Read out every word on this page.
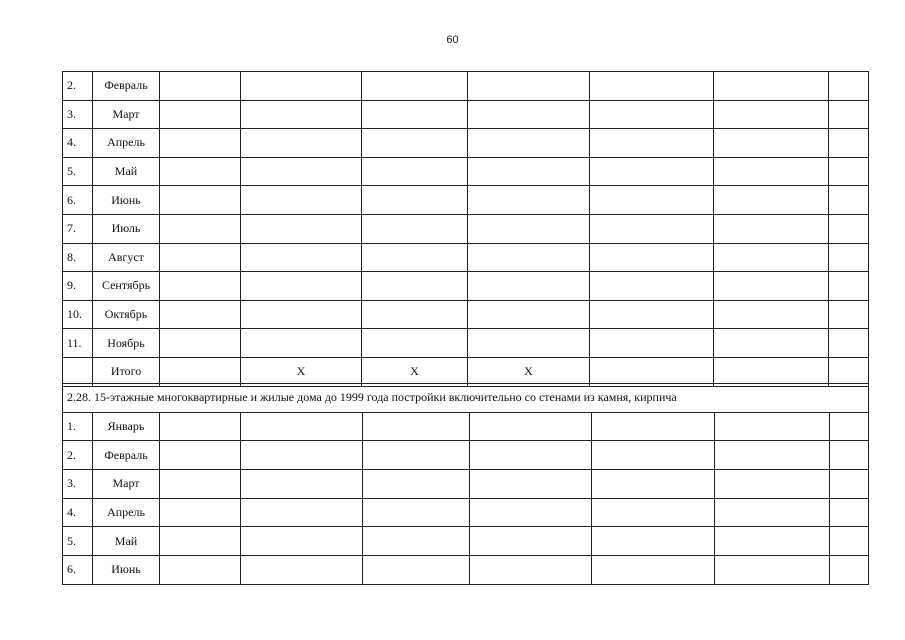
60
2.	Февраль							
3.	Март							
4.	Апрель							
5.	Май							
6.	Июнь							
7.	Июль							
8.	Август							
9.	Сентябрь							
10.	Октябрь							
11.	Ноябрь							
	Итого		X	X	X			
2.28. 15-этажные многоквартирные и жилые дома до 1999 года постройки включительно со стенами из камня, кирпича								
1.	Январь							
2.	Февраль							
3.	Март							
4.	Апрель							
5.	Май							
6.	Июнь							
